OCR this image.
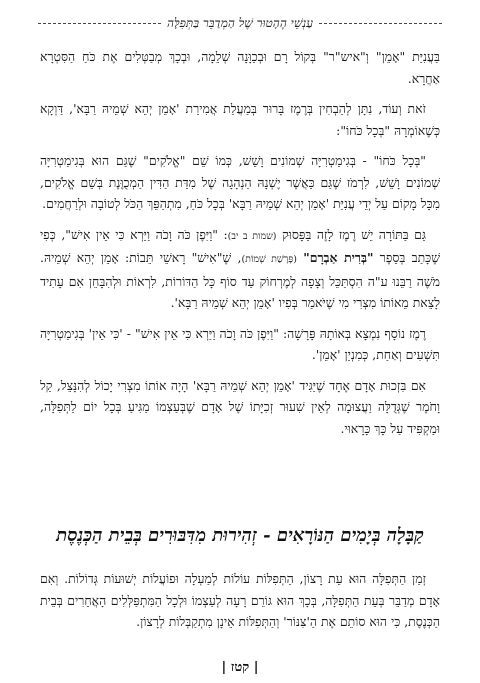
עַנְשֵׁי הֶהָטוּר שֶׁל הַמְדַבֵּר בַּתְּפִלָּה

בַּעֲנִיַּת "אָמֵן" וְ"איש"ר" בְּקוֹל רָם וּבְכַוָּנָה שְׁלֵמָה, וּבְכָךְ מְבַטְּלִים אֶת כֹּחַ הַסִּטְרָא אַחֲרָא.

זֹאת וְעוֹד, נִתָּן לְהַבְחִין בְּרֶמֶז בָּרוּר בְּמַעֲלַת אֲמִירַת 'אָמֵן יְהֵא שְׁמֵיהּ רַבָּא', דַּוְקָא כְּשֶׁאוֹמְרָהּ "בְּכָל כֹּחוֹ":

"בְּכָל כֹּחוֹ" - בְּגִימַטְרִיָּה שְׁמוֹנִים וָשֵׁשׁ, כְּמוֹ שֵׁם "אֱלֹקִים" שֶׁגַּם הוּא בְּגִימַטְרִיָּה שְׁמוֹנִים וָשֵׁשׁ, לִרְמֹז שֶׁגַּם כַּאֲשֶׁר יֶשְׁנָהּ הַנְהָגָה שֶׁל מִדַּת הַדִּין הַמְכֻוֶּנֶת בְּשֵׁם אֱלֹקִים, מִכָּל מָקוֹם עַל יְדֵי עֲנִיַּת 'אָמֵן יְהֵא שְׁמֵיהּ רַבָּא' בְּכָל כֹּחַ, מִתְהַפֵּךְ הַכֹּל לְטוֹבָה וּלְרַחֲמִים.

גַּם בַּתּוֹרָה יֵשׁ רֶמֶז לָזֶה בַּפָּסוּק (שמות ב יב): "וַיִּפֶן כֹּה וָכֹה וַיַּרְא כִּי אֵין אִישׁ", כְּפִי שֶׁכָּתַב בְּסֵפֶר "בְּרִית אַבְרָם" (פָּרָשַׁת שְׁמוֹת), שֶׁ"אִישׁ" רָאשֵׁי תֵּבוֹת: אָמֵן יְהֵא שְׁמֵיהּ. מֹשֶׁה רַבֵּנוּ ע"ה הִסְתַּכֵּל וְצָפָה לְמֶרְחוֹק עַד סוֹף כָּל הַדּוֹרוֹת, לִרְאוֹת וּלְהִבָּחֵן אִם עָתִיד לָצֵאת מֵאוֹתוֹ מִצְרִי מִי שֶׁיֹּאמַר בְּפִיו 'אָמֵן יְהֵא שְׁמֵיהּ רַבָּא'.

רֶמֶז נוֹסָף נִמְצָא בְּאוֹתָהּ פָּרָשָׁה: "וַיִּפֶן כֹּה וָכֹה וַיַּרְא כִּי אֵין אִישׁ" - 'כִּי אֵין' בְּגִימַטְרִיָּה תִּשְׁעִים וְאַחַת, כְּמִנְיַן 'אָמֵן'.

אִם בִּזְכוּת אָדָם אֶחָד שֶׁיַּגִּיד 'אָמֵן יְהֵא שְׁמֵיהּ רַבָּא' הָיָה אוֹתוֹ מִצְרִי יָכוֹל לְהִנָּצֵל, קַל וָחֹמֶר שֶׁגְּדֻלָּה וַעֲצוּמָה לְאֵין שִׁעוּר זְכִיָּתוֹ שֶׁל אָדָם שֶׁבְּעַצְמוֹ מַגִּיעַ בְּכָל יוֹם לַתְּפִלָּה, וּמַקְפִּיד עַל כָּךְ כָּרָאוּי.

קַבָּלָה בְּיָמִים הַנּוֹרָאִים - זְהִירוּת מִדִּבּוּרִים בְּבֵית הַכְּנֶסֶת

זְמַן הַתְּפִלָּה הוּא עֵת רָצוֹן, הַתְּפִלּוֹת עוֹלוֹת לְמַעְלָה וּפוֹעֲלוֹת יְשׁוּעוֹת גְּדוֹלוֹת. וְאִם אָדָם מְדַבֵּר בְּעֵת הַתְּפִלָּה, בְּכָךְ הוּא גּוֹרֵם רָעָה לְעַצְמוֹ וּלְכָל הַמִּתְפַּלְּלִים הָאֲחֵרִים בְּבֵית הַכְּנֶסֶת, כִּי הוּא סוֹתֵם אֶת הַ'צִּנּוֹר' וְהַתְּפִלּוֹת אֵינָן מִתְקַבְּלוֹת לְרָצוֹן.

| קטז |
